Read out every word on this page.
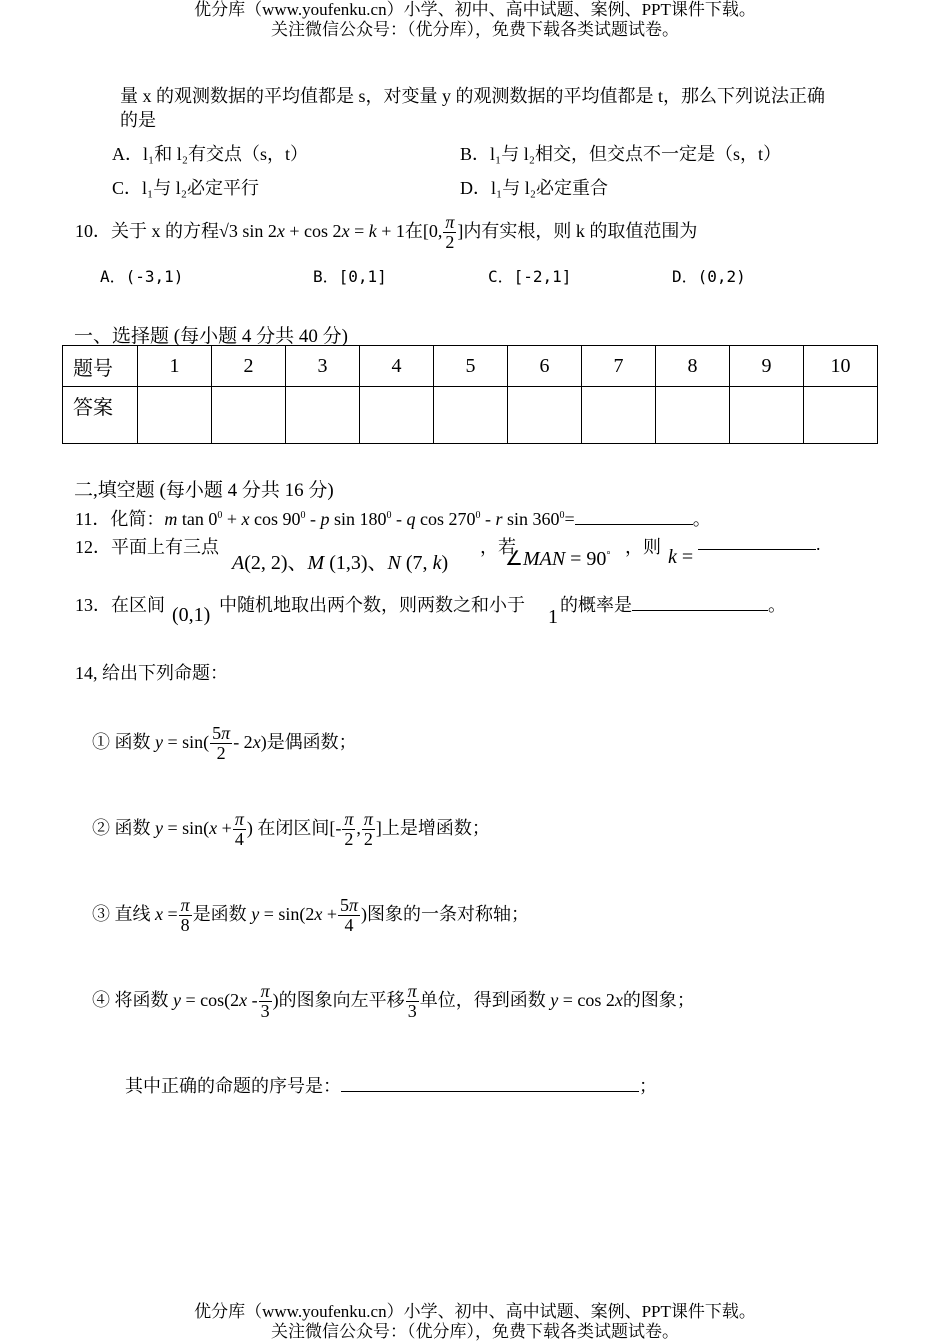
优分库（www.youfenku.cn）小学、初中、高中试题、案例、PPT课件下载。
关注微信公众号：（优分库），免费下载各类试题试卷。
量 x 的观测数据的平均值都是 s，对变量 y 的观测数据的平均值都是 t，那么下列说法正确
的是
A．l₁和 l₂有交点（s，t）	B．l₁与 l₂相交，但交点不一定是（s，t）
C．l₁与 l₂必定平行	D．l₁与 l₂必定重合
10．关于 x 的方程√3 sin 2x + cos 2x = k + 1在[0, $\frac{\pi}{2}$ ]内有实根，则 k 的取值范围为
A．(-3,1)	B．[0,1]	C．[-2,1]	D．(0,2)
一、选择题 (每小题 4 分共 40 分)
题号	1	2	3	4	5	6	7	8	9	10
答案										
二,填空题 (每小题 4 分共 16 分)
11．化简：m $\tan 0^0 + x$ $\cos 90^0$ - p $\sin 180^0$ - q $\cos 270^0$ - r $\sin 360^0=$	。
12．平面上有三点
A(2, 2)、M (1,3)、N (7, k)
，若
∠MAN = 90° ，则 k =
.
13．在区间 (0,1) 中随机地取出两个数，则两数之和小于
1
的概率是	。
14, 给出下列命题：
① 函数 $y = \sin( \frac{5\pi}{2} - 2x)$是偶函数；
② 函数 $y = \sin(x + \frac{\pi}{4}$ ) 在闭区间[- $\frac{\pi}{2}$ , $\frac{\pi}{2}$ ]上是增函数；
③ 直线 $x = \frac{\pi}{8}$ 是函数 $y = \sin(2x + \frac{5\pi}{4}$ )图象的一条对称轴；
④ 将函数 $y = \cos(2x - \frac{\pi}{3}$ )的图象向左平移 $\frac{\pi}{3}$ 单位，得到函数 y = cos 2x的图象；
其中正确的命题的序号是：	；
优分库（www.youfenku.cn）小学、初中、高中试题、案例、PPT课件下载。
关注微信公众号：（优分库），免费下载各类试题试卷。
